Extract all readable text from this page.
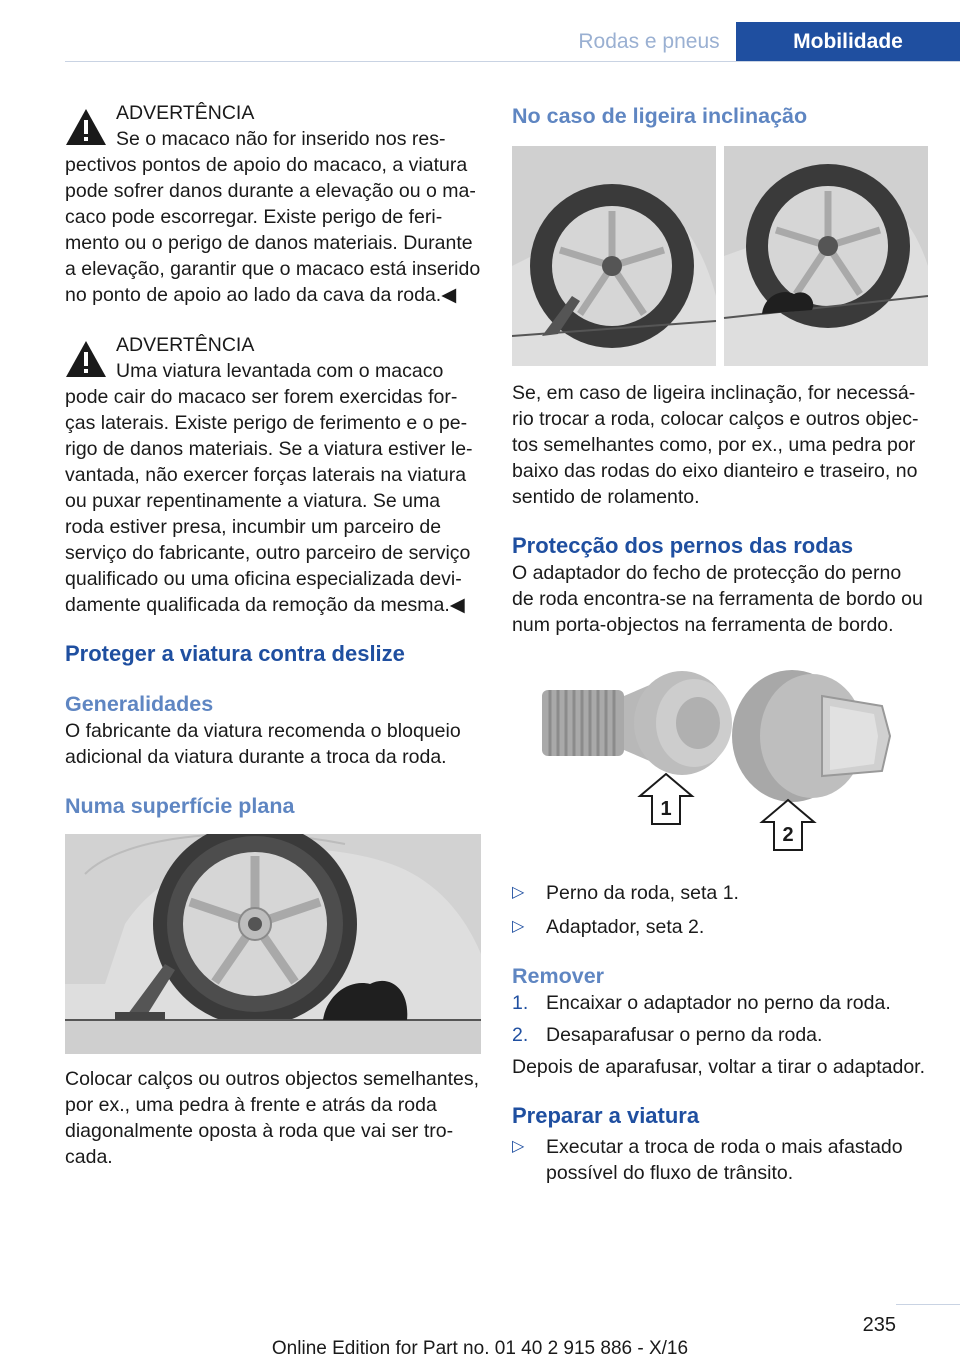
Rodas e pneus	Mobilidade
ADVERTÊNCIA

Se o macaco não for inserido nos respectivos pontos de apoio do macaco, a viatura pode sofrer danos durante a elevação ou o macaco pode escorregar. Existe perigo de ferimento ou o perigo de danos materiais. Durante a elevação, garantir que o macaco está inserido no ponto de apoio ao lado da cava da roda.◀

ADVERTÊNCIA

Uma viatura levantada com o macaco pode cair do macaco ser forem exercidas forças laterais. Existe perigo de ferimento e o perigo de danos materiais. Se a viatura estiver levantada, não exercer forças laterais na viatura ou puxar repentinamente a viatura. Se uma roda estiver presa, incumbir um parceiro de serviço do fabricante, outro parceiro de serviço qualificado ou uma oficina especializada devidamente qualificada da remoção da mesma.◀

Proteger a viatura contra deslize
Generalidades

O fabricante da viatura recomenda o bloqueio adicional da viatura durante a troca da roda.

Numa superfície plana

Colocar calços ou outros objectos semelhantes, por ex., uma pedra à frente e atrás da roda diagonalmente oposta à roda que vai ser trocada.

No caso de ligeira inclinação

Se, em caso de ligeira inclinação, for necessário trocar a roda, colocar calços e outros objectos semelhantes como, por ex., uma pedra por baixo das rodas do eixo dianteiro e traseiro, no sentido de rolamento.

Protecção dos pernos das rodas

O adaptador do fecho de protecção do perno de roda encontra-se na ferramenta de bordo ou num porta-objectos na ferramenta de bordo.

1
2
▷ Perno da roda, seta 1.
▷ Adaptador, seta 2.
Remover
1. Encaixar o adaptador no perno da roda.
2. Desaparafusar o perno da roda.

Depois de aparafusar, voltar a tirar o adaptador.

Preparar a viatura
▷ Executar a troca de roda o mais afastado possível do fluxo de trânsito.
235
Online Edition for Part no. 01 40 2 915 886 - X/16
